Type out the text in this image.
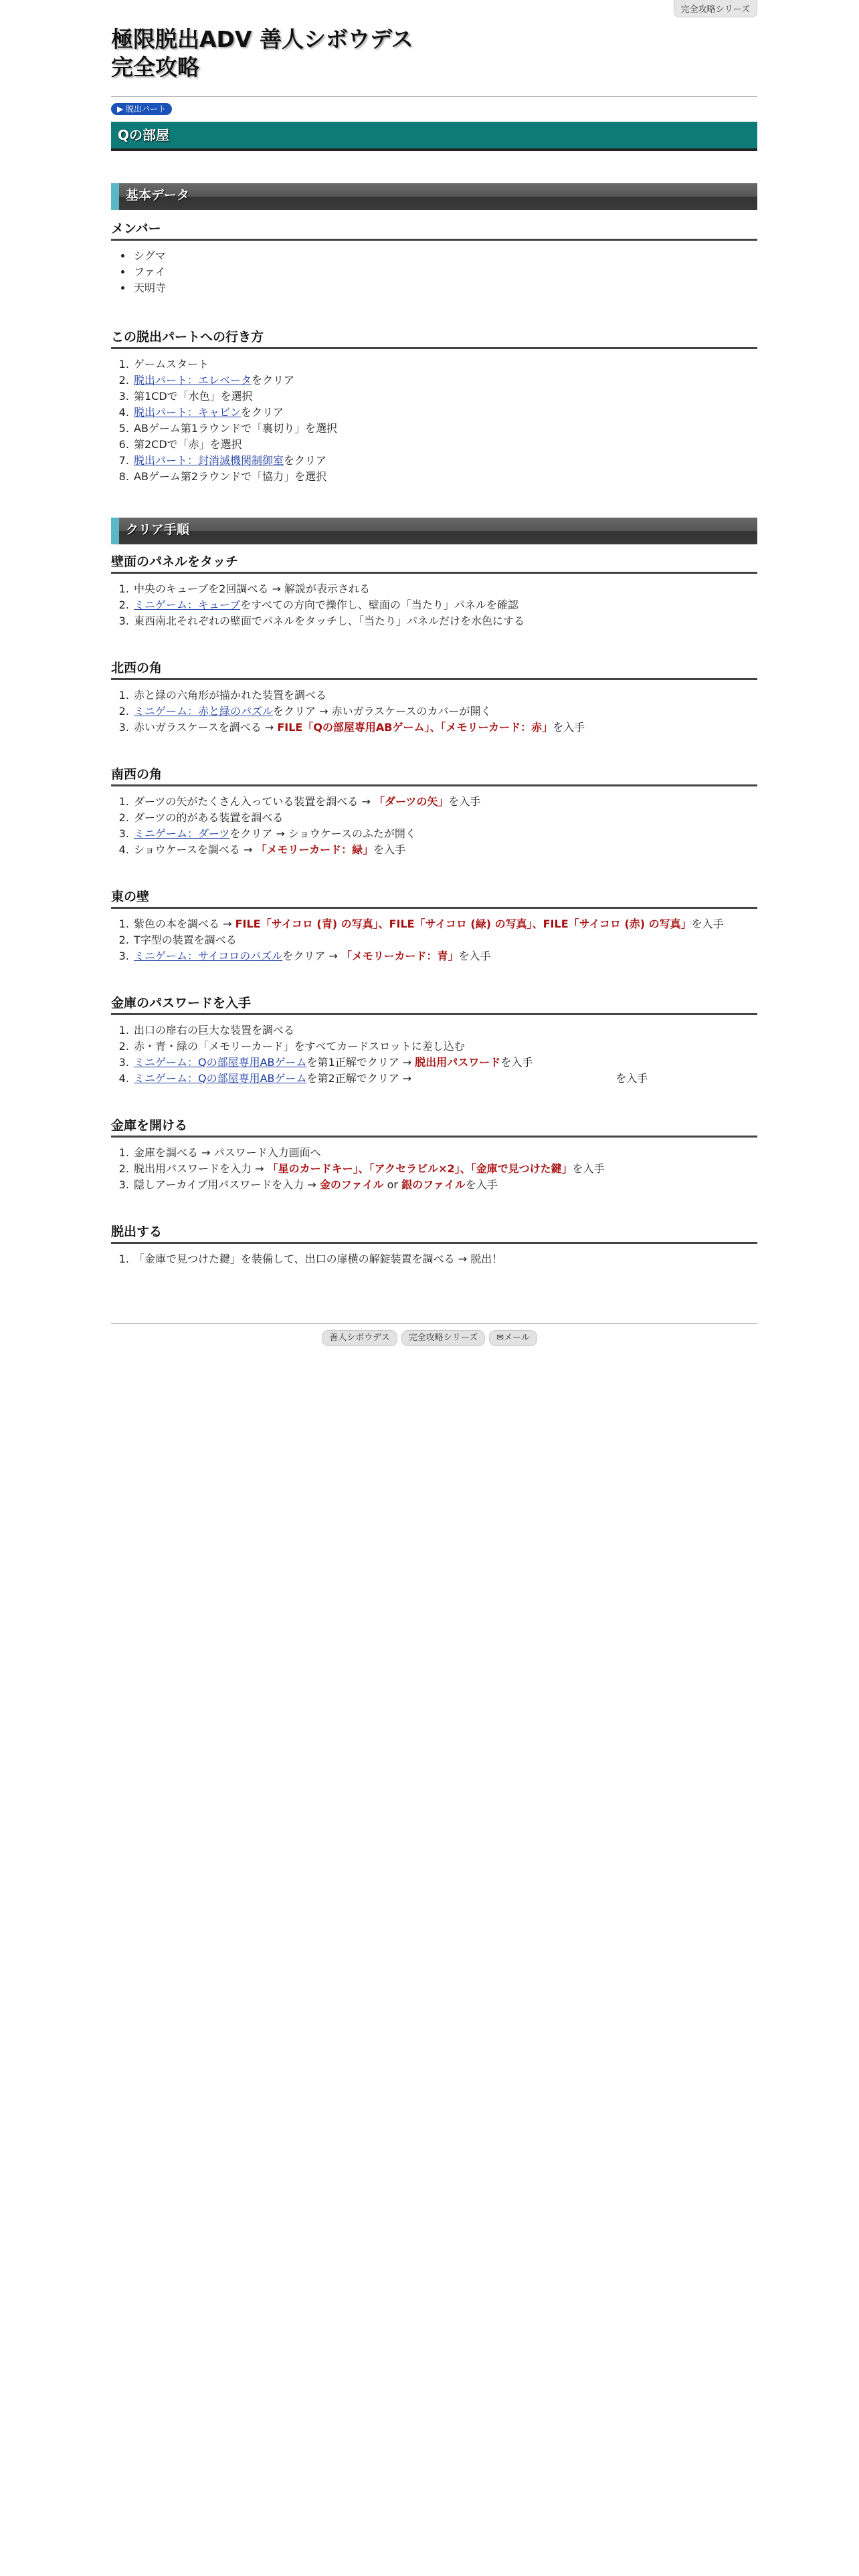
完全攻略シリーズ
極限脱出ADV 善人シボウデス
完全攻略
▶ 脱出パート
Qの部屋
基本データ
メンバー
• シグマ
• ファイ
• 天明寺
この脱出パートへの行き方
1. ゲームスタート
2. 脱出パート：エレベータをクリア
3. 第1CDで「水色」を選択
4. 脱出パート：キャビンをクリア
5. ABゲーム第1ラウンドで「裏切り」を選択
6. 第2CDで「赤」を選択
7. 脱出パート：封消滅機関制御室をクリア
8. ABゲーム第2ラウンドで「協力」を選択
クリア手順
壁面のパネルをタッチ
1. 中央のキューブを2回調べる → 解説が表示される
2. ミニゲーム：キューブをすべての方向で操作し、壁面の「当たり」パネルを確認
3. 東西南北それぞれの壁面でパネルをタッチし、「当たり」パネルだけを水色にする
北西の角
1. 赤と緑の六角形が描かれた装置を調べる
2. ミニゲーム：赤と緑のパズルをクリア → 赤いガラスケースのカバーが開く
3. 赤いガラスケースを調べる → FILE「Qの部屋専用ABゲーム」、「メモリーカード：赤」を入手
南西の角
1. ダーツの矢がたくさん入っている装置を調べる → 「ダーツの矢」を入手
2. ダーツの的がある装置を調べる
3. ミニゲーム：ダーツをクリア → ショウケースのふたが開く
4. ショウケースを調べる → 「メモリーカード：緑」を入手
東の壁
1. 紫色の本を調べる → FILE「サイコロ (青) の写真」、FILE「サイコロ (緑) の写真」、FILE「サイコロ (赤) の写真」を入手
2. T字型の装置を調べる
3. ミニゲーム：サイコロのパズルをクリア → 「メモリーカード：青」を入手
金庫のパスワードを入手
1. 出口の扉右の巨大な装置を調べる
2. 赤・青・緑の「メモリーカード」をすべてカードスロットに差し込む
3. ミニゲーム：Qの部屋専用ABゲームを第1正解でクリア → 脱出用パスワードを入手
4. ミニゲーム：Qの部屋専用ABゲームを第2正解でクリア →	を入手
金庫を開ける
1. 金庫を調べる → パスワード入力画面へ
2. 脱出用パスワードを入力 → 「星のカードキー」、「アクセラビル×2」、「金庫で見つけた鍵」を入手
3. 隠しアーカイブ用パスワードを入力 → 金のファイル or 銀のファイルを入手
脱出する
1. 「金庫で見つけた鍵」を装備して、出口の扉横の解錠装置を調べる → 脱出！
善人シボウデス 完全攻略シリーズ ✉メール
